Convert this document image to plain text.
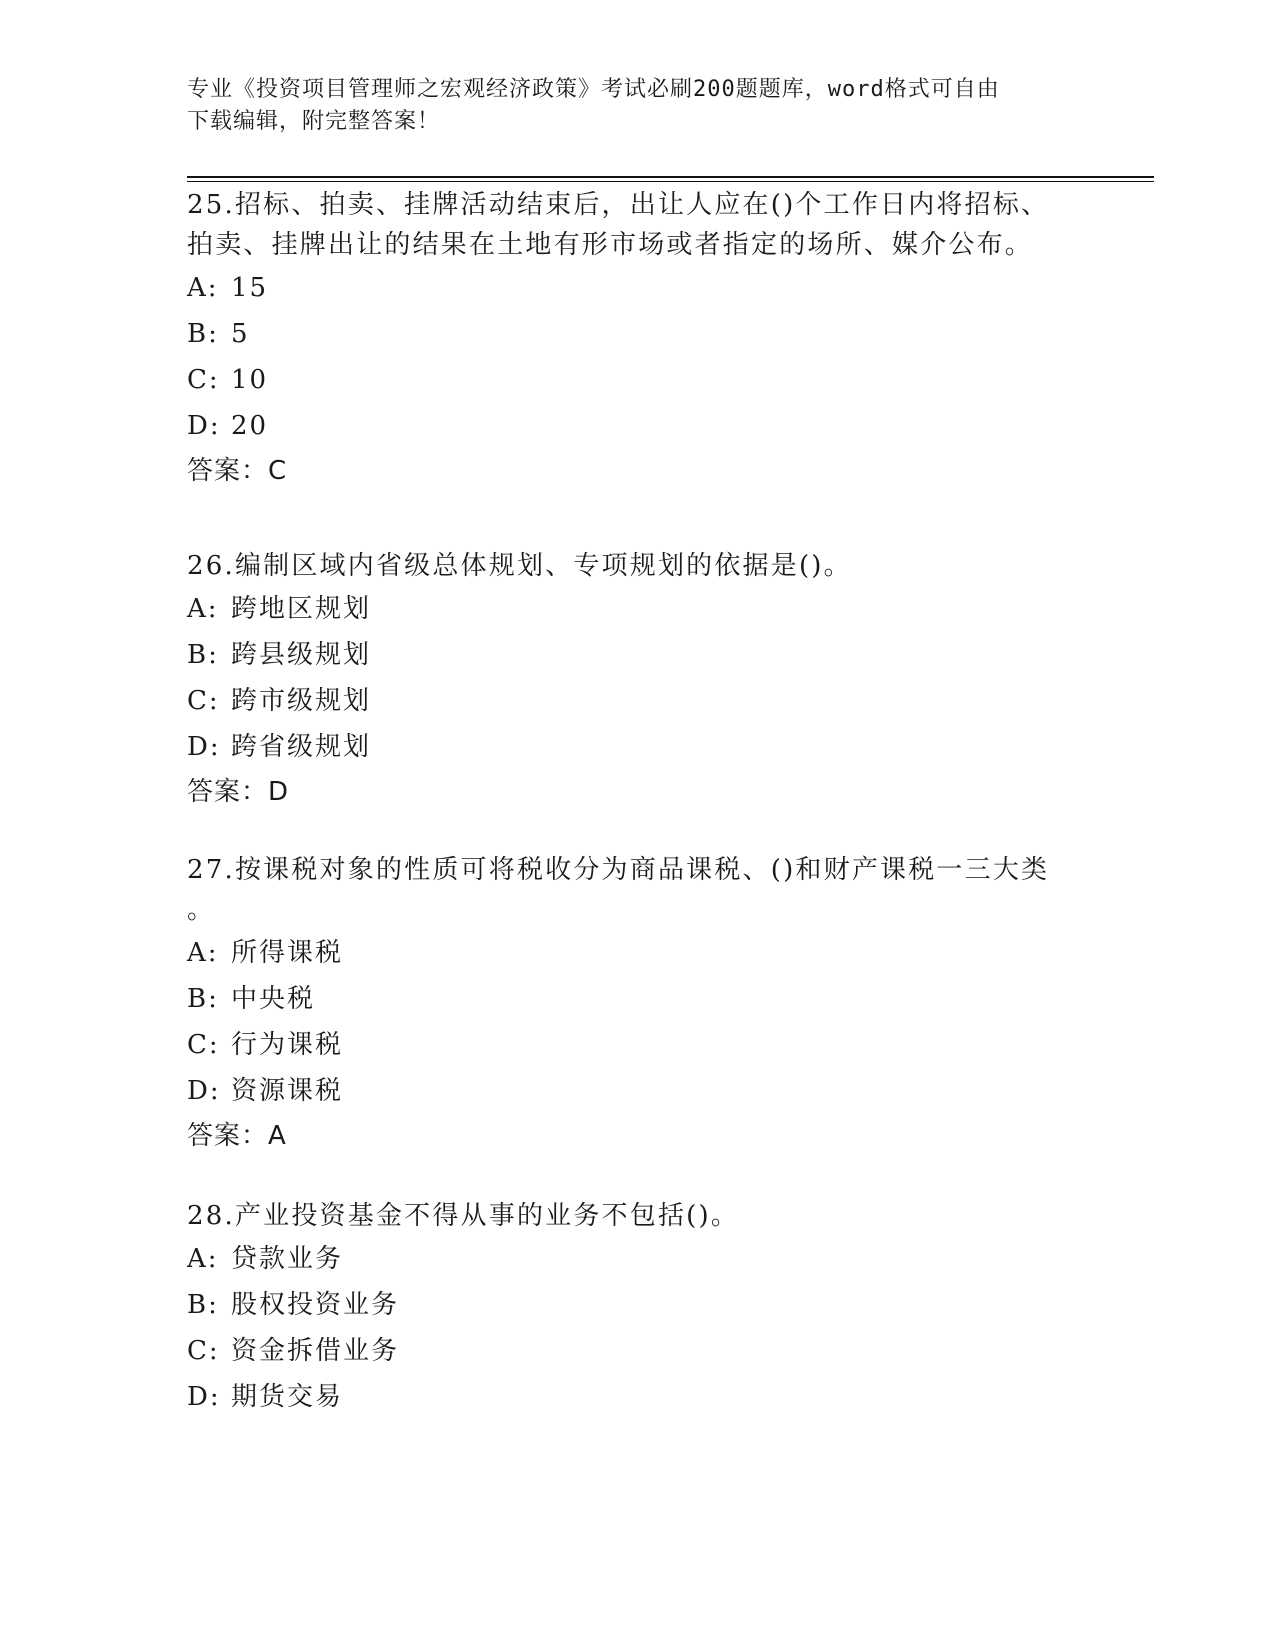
专业《投资项目管理师之宏观经济政策》考试必刷200题题库，word格式可自由
下载编辑，附完整答案！

25.招标、拍卖、挂牌活动结束后，出让人应在()个工作日内将招标、

拍卖、挂牌出让的结果在土地有形市场或者指定的场所、媒介公布。

A: 15

B: 5

C: 10

D: 20

答案：C

26.编制区域内省级总体规划、专项规划的依据是()。

A: 跨地区规划

B: 跨县级规划

C: 跨市级规划

D: 跨省级规划

答案：D

27.按课税对象的性质可将税收分为商品课税、()和财产课税一三大类

。

A: 所得课税

B: 中央税

C: 行为课税

D: 资源课税

答案：A

28.产业投资基金不得从事的业务不包括()。

A: 贷款业务

B: 股权投资业务

C: 资金拆借业务

D: 期货交易
